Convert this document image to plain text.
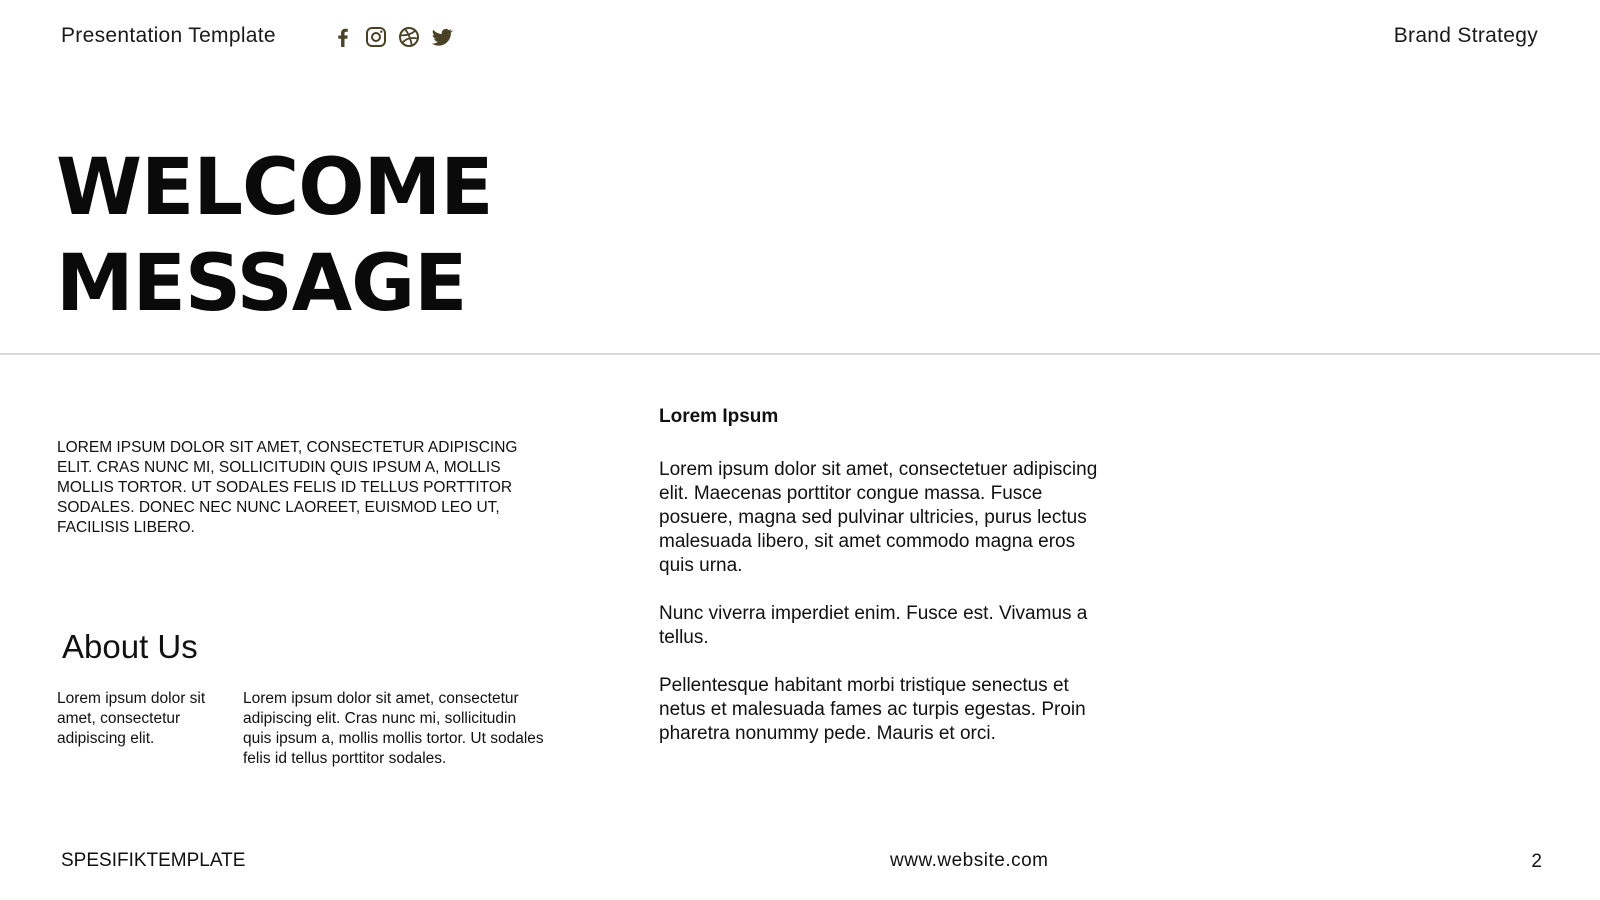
Presentation Template	Brand Strategy
WELCOME
MESSAGE
LOREM IPSUM DOLOR SIT AMET, CONSECTETUR ADIPISCING ELIT. CRAS NUNC MI, SOLLICITUDIN QUIS IPSUM A, MOLLIS MOLLIS TORTOR. UT SODALES FELIS ID TELLUS PORTTITOR SODALES. DONEC NEC NUNC LAOREET, EUISMOD LEO UT, FACILISIS LIBERO.
About Us
Lorem ipsum dolor sit amet, consectetur adipiscing elit.
Lorem ipsum dolor sit amet, consectetur adipiscing elit. Cras nunc mi, sollicitudin quis ipsum a, mollis mollis tortor. Ut sodales felis id tellus porttitor sodales.
Lorem Ipsum

Lorem ipsum dolor sit amet, consectetuer adipiscing elit. Maecenas porttitor congue massa. Fusce posuere, magna sed pulvinar ultricies, purus lectus malesuada libero, sit amet commodo magna eros quis urna.

Nunc viverra imperdiet enim. Fusce est. Vivamus a tellus.

Pellentesque habitant morbi tristique senectus et netus et malesuada fames ac turpis egestas. Proin pharetra nonummy pede. Mauris et orci.

SPESIFIKTEMPLATE	www.website.com	2
